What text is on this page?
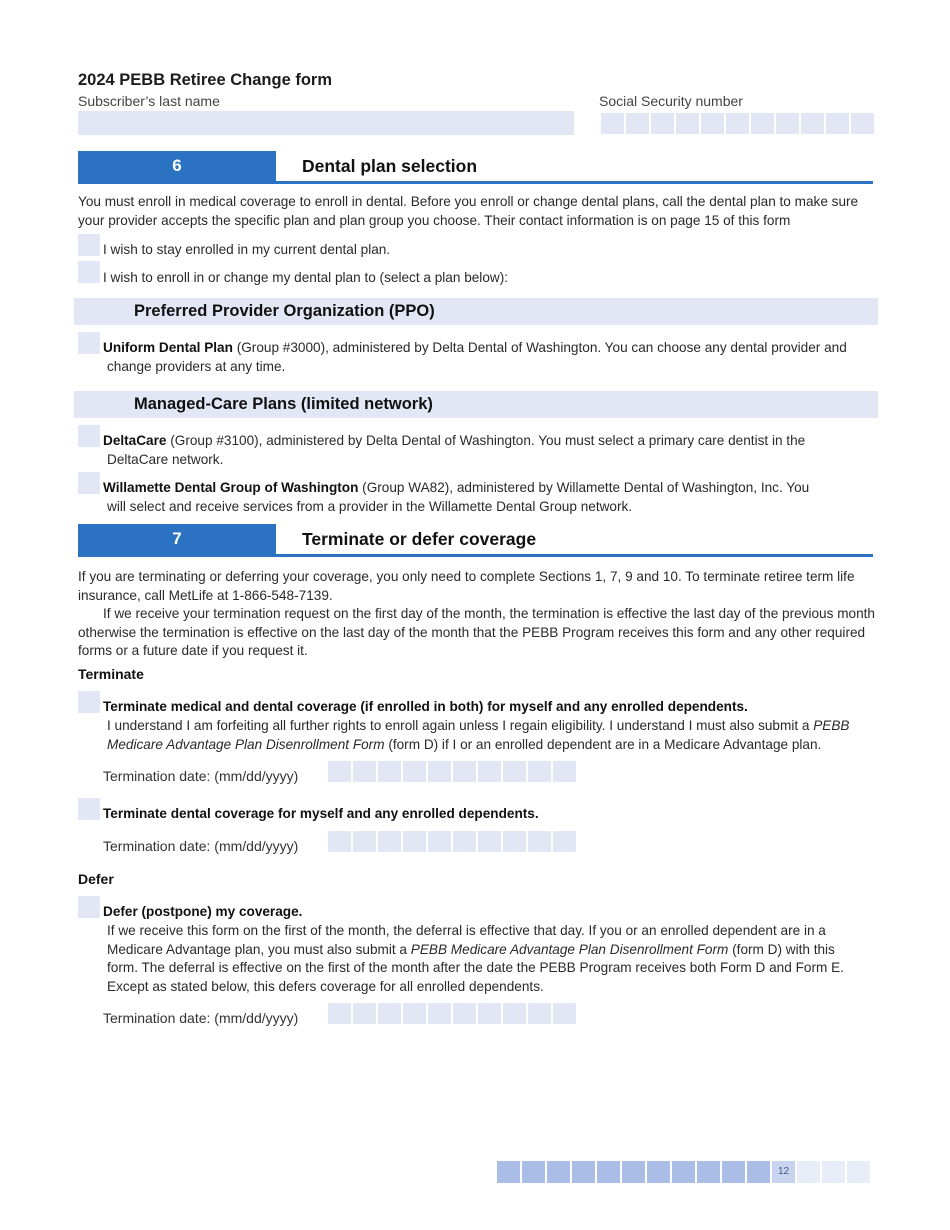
2024 PEBB Retiree Change form
Subscriber’s last name	Social Security number
6	Dental plan selection
You must enroll in medical coverage to enroll in dental. Before you enroll or change dental plans, call the dental plan to make sure your provider accepts the specific plan and plan group you choose. Their contact information is on page 15 of this form
I wish to stay enrolled in my current dental plan.
I wish to enroll in or change my dental plan to (select a plan below):
Preferred Provider Organization (PPO)
Uniform Dental Plan (Group #3000), administered by Delta Dental of Washington. You can choose any dental provider and
change providers at any time.
Managed-Care Plans (limited network)
DeltaCare (Group #3100), administered by Delta Dental of Washington. You must select a primary care dentist in the
DeltaCare network.
Willamette Dental Group of Washington (Group WA82), administered by Willamette Dental of Washington, Inc. You
will select and receive services from a provider in the Willamette Dental Group network.
7	Terminate or defer coverage
If you are terminating or deferring your coverage, you only need to complete Sections 1, 7, 9 and 10. To terminate retiree term life insurance, call MetLife at 1-866-548-7139.
If we receive your termination request on the first day of the month, the termination is effective the last day of the previous month otherwise the termination is effective on the last day of the month that the PEBB Program receives this form and any other required forms or a future date if you request it.
Terminate
Terminate medical and dental coverage (if enrolled in both) for myself and any enrolled dependents.
I understand I am forfeiting all further rights to enroll again unless I regain eligibility. I understand I must also submit a PEBB Medicare Advantage Plan Disenrollment Form (form D) if I or an enrolled dependent are in a Medicare Advantage plan.
Termination date: (mm/dd/yyyy)
Terminate dental coverage for myself and any enrolled dependents.
Termination date: (mm/dd/yyyy)
Defer
Defer (postpone) my coverage.
If we receive this form on the first of the month, the deferral is effective that day. If you or an enrolled dependent are in a Medicare Advantage plan, you must also submit a PEBB Medicare Advantage Plan Disenrollment Form (form D) with this form. The deferral is effective on the first of the month after the date the PEBB Program receives both Form D and Form E. Except as stated below, this defers coverage for all enrolled dependents.
Termination date: (mm/dd/yyyy)
12
